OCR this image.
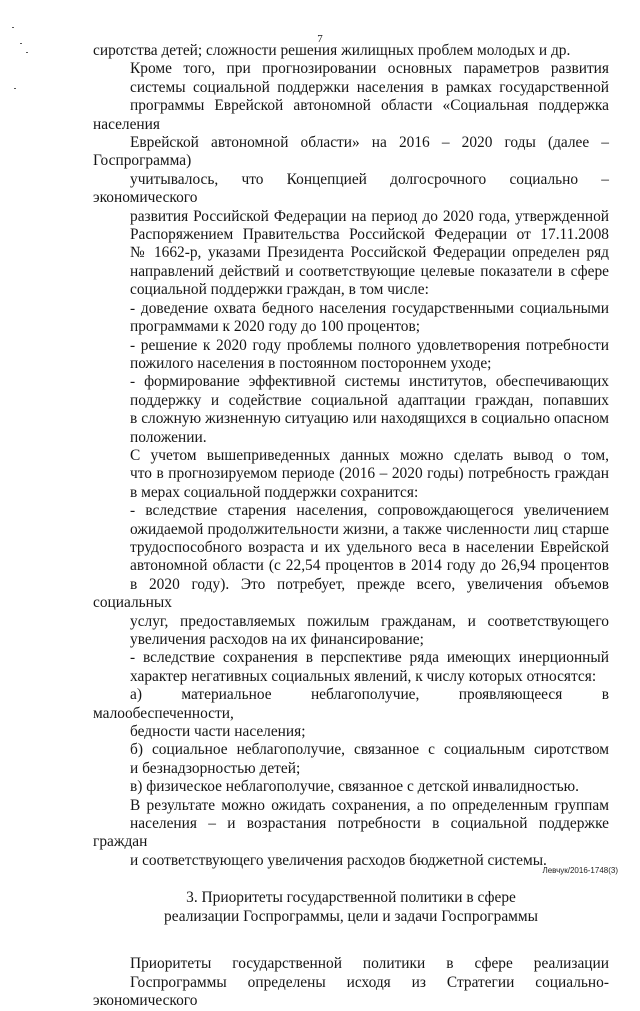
7

сиротства детей; сложности решения жилищных проблем молодых и др.

Кроме того, при прогнозировании основных параметров развития
системы социальной поддержки населения в рамках государственной
программы Еврейской автономной области «Социальная поддержка населения
Еврейской автономной области» на 2016 – 2020 годы (далее – Госпрограмма)
учитывалось, что Концепцией долгосрочного социально – экономического
развития Российской Федерации на период до 2020 года, утвержденной
Распоряжением Правительства Российской Федерации от 17.11.2008
№ 1662-р, указами Президента Российской Федерации определен ряд
направлений действий и соответствующие целевые показатели в сфере
социальной поддержки граждан, в том числе:

- доведение охвата бедного населения государственными социальными
программами к 2020 году до 100 процентов;

- решение к 2020 году проблемы полного удовлетворения потребности
пожилого населения в постоянном постороннем уходе;

- формирование эффективной системы институтов, обеспечивающих
поддержку и содействие социальной адаптации граждан, попавших
в сложную жизненную ситуацию или находящихся в социально опасном
положении.

С учетом вышеприведенных данных можно сделать вывод о том,
что в прогнозируемом периоде (2016 – 2020 годы) потребность граждан
в мерах социальной поддержки сохранится:

- вследствие старения населения, сопровождающегося увеличением
ожидаемой продолжительности жизни, а также численности лиц старше
трудоспособного возраста и их удельного веса в населении Еврейской
автономной области (с 22,54 процентов в 2014 году до 26,94 процентов
в 2020 году). Это потребует, прежде всего, увеличения объемов социальных
услуг, предоставляемых пожилым гражданам, и соответствующего
увеличения расходов на их финансирование;

- вследствие сохранения в перспективе ряда имеющих инерционный
характер негативных социальных явлений, к числу которых относятся:

а) материальное неблагополучие, проявляющееся в малообеспеченности,
бедности части населения;

б) социальное неблагополучие, связанное с социальным сиротством
и безнадзорностью детей;

в) физическое неблагополучие, связанное с детской инвалидностью.

В результате можно ожидать сохранения, а по определенным группам
населения – и возрастания потребности в социальной поддержке граждан
и соответствующего увеличения расходов бюджетной системы.

3. Приоритеты государственной политики в сфере
реализации Госпрограммы, цели и задачи Госпрограммы

Приоритеты государственной политики в сфере реализации
Госпрограммы определены исходя из Стратегии социально-экономического

Левчук/2016-1748(3)
